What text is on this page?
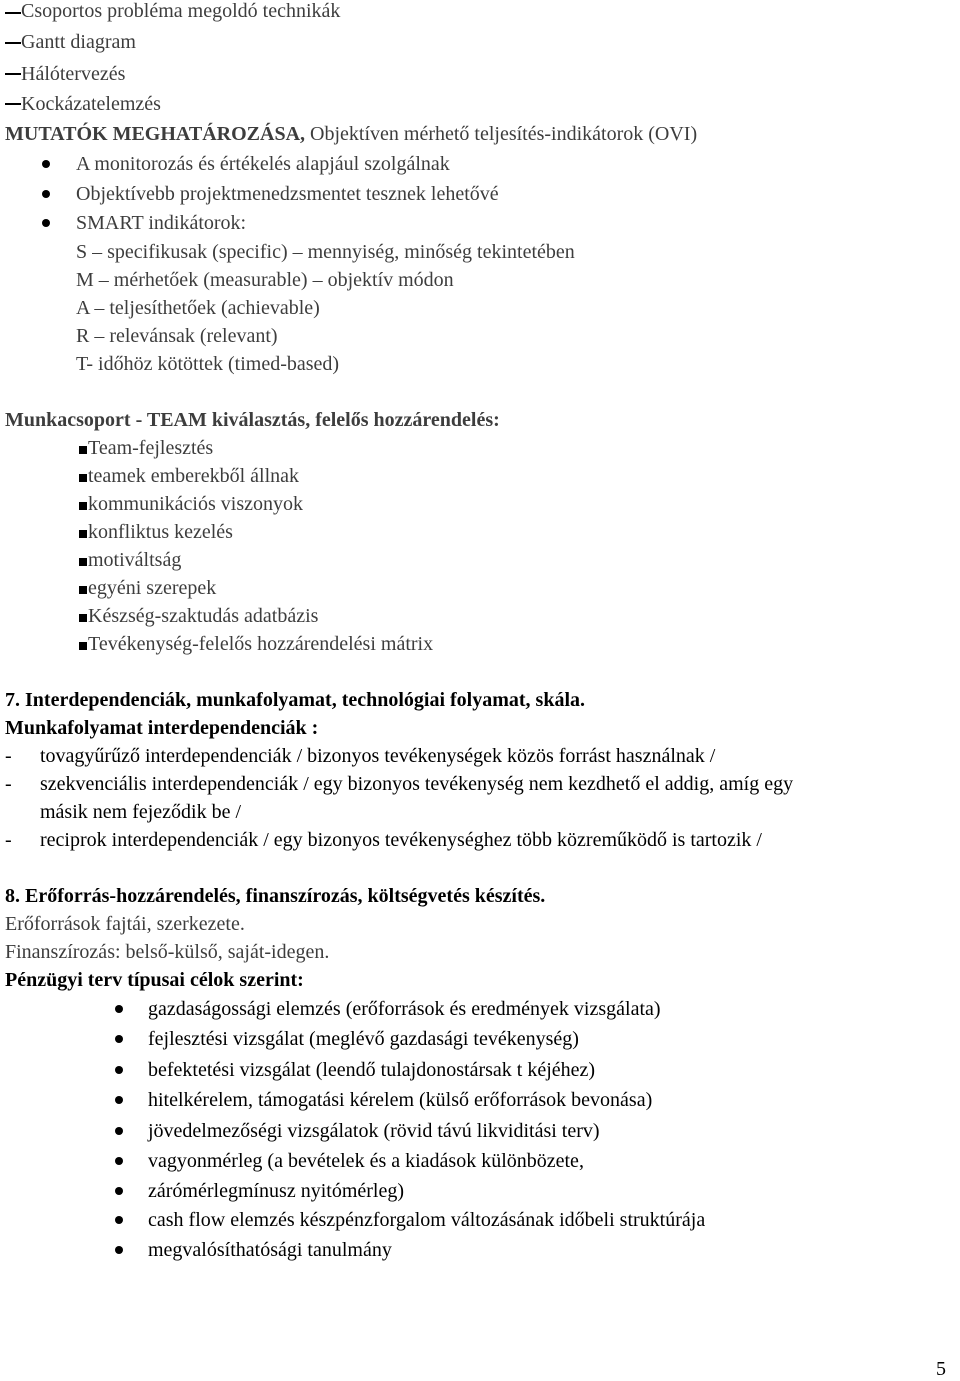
Csoportos probléma megoldó technikák
Gantt diagram
Hálótervezés
Kockázatelemzés
MUTATÓK MEGHATÁROZÁSA, Objektíven mérhető teljesítés-indikátorok (OVI)
A monitorozás és értékelés alapjául szolgálnak
Objektívebb projektmenedzsmentet tesznek lehetővé
SMART indikátorok:
S – specifikusak (specific) – mennyiség, minőség tekintetében
M – mérhetőek (measurable) – objektív módon
A – teljesíthetőek (achievable)
R – relevánsak (relevant)
T- időhöz kötöttek (timed-based)
Munkacsoport - TEAM kiválasztás, felelős hozzárendelés:
Team-fejlesztés
teamek emberekből állnak
kommunikációs viszonyok
konfliktus kezelés
motiváltság
egyéni szerepek
Készség-szaktudás adatbázis
Tevékenység-felelős hozzárendelési mátrix
7. Interdependenciák, munkafolyamat, technológiai folyamat, skála.
Munkafolyamat interdependenciák :
- tovagyűrűző interdependenciák / bizonyos tevékenységek közös forrást használnak /
- szekvenciális interdependenciák / egy bizonyos tevékenység nem kezdhető el addig, amíg egy
másik nem fejeződik be /
- reciprok interdependenciák / egy bizonyos tevékenységhez több közreműködő is tartozik /
8. Erőforrás-hozzárendelés, finanszírozás, költségvetés készítés.
Erőforrások fajtái, szerkezete.
Finanszírozás: belső-külső, saját-idegen.
Pénzügyi terv típusai célok szerint:
gazdaságossági elemzés (erőforrások és eredmények vizsgálata)
fejlesztési vizsgálat (meglévő gazdasági tevékenység)
befektetési vizsgálat (leendő tulajdonostársak t kéjéhez)
hitelkérelem, támogatási kérelem (külső erőforrások bevonása)
jövedelmezőségi vizsgálatok (rövid távú likviditási terv)
vagyonmérleg (a bevételek és a kiadások különbözete,
zárómérlegmínusz nyitómérleg)
cash flow elemzés készpénzforgalom változásának időbeli struktúrája
megvalósíthatósági tanulmány
5
